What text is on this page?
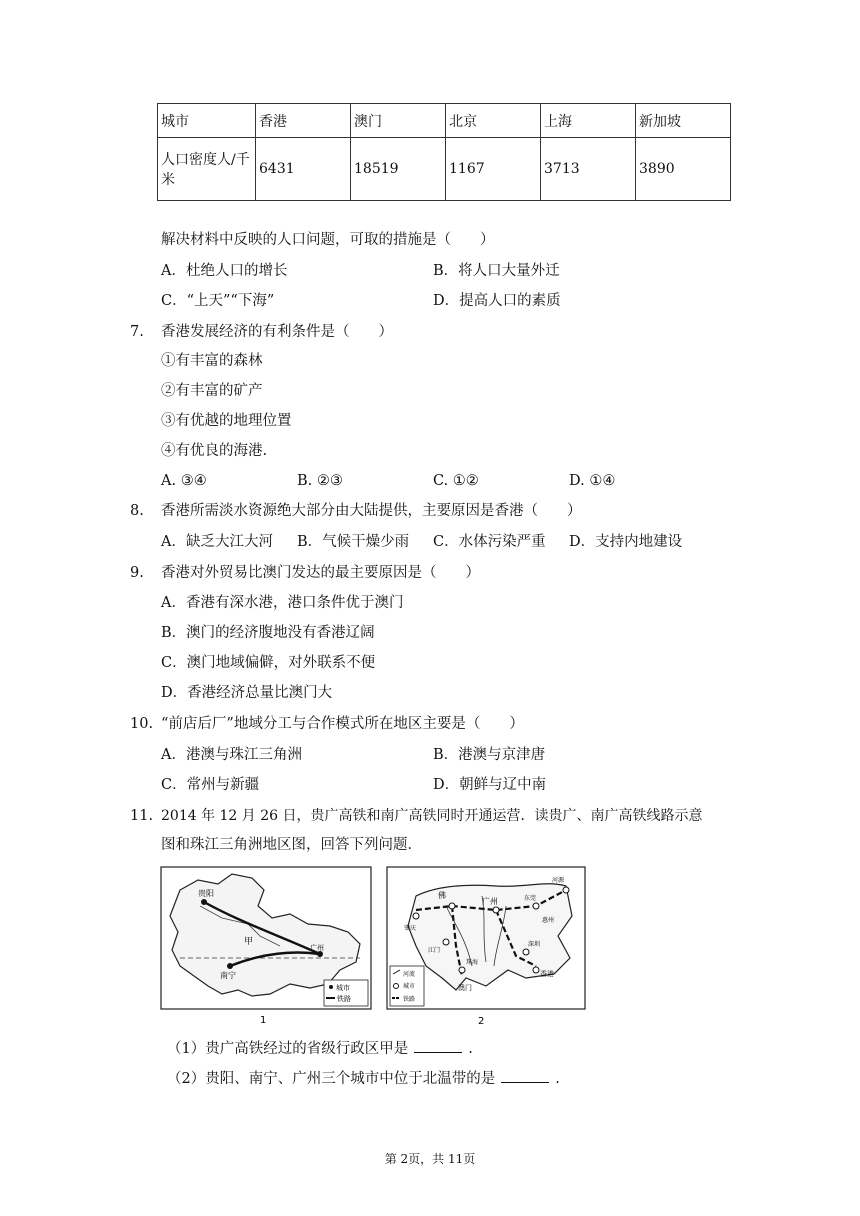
城市	香港	澳门	北京	上海	新加坡
人口密度人/千
米	6431	18519	1167	3713	3890
解决材料中反映的人口问题，可取的措施是（　　）
A．杜绝人口的增长	B．将人口大量外迁
C．“上天”“下海”	D．提高人口的素质
7. 香港发展经济的有利条件是（　　）
①有丰富的森林
②有丰富的矿产
③有优越的地理位置
④有优良的海港.
A. ③④	B. ②③	C. ①②	D. ①④
8. 香港所需淡水资源绝大部分由大陆提供，主要原因是香港（　　）
A．缺乏大江大河 B．气候干燥少雨 C．水体污染严重 D．支持内地建设
9. 香港对外贸易比澳门发达的最主要原因是（　　）
A．香港有深水港，港口条件优于澳门
B．澳门的经济腹地没有香港辽阔
C．澳门地域偏僻，对外联系不便
D．香港经济总量比澳门大
10. “前店后厂”地域分工与合作模式所在地区主要是（　　）
A．港澳与珠江三角洲	B．港澳与京津唐
C．常州与新疆	D．朝鲜与辽中南
11. 2014 年 12 月 26 日，贵广高铁和南广高铁同时开通运营．读贵广、南广高铁线路示意
图和珠江三角洲地区图，回答下列问题．
贵阳
甲
南宁
广州
城市
铁路
1
佛
广州	东莞
惠州
河源
肇庆
江门
深圳
珠海
澳门
香港
河流
城市
铁路
2
（1）贵广高铁经过的省级行政区甲是	.
（2）贵阳、南宁、广州三个城市中位于北温带的是	.
第 2页，共 11页
